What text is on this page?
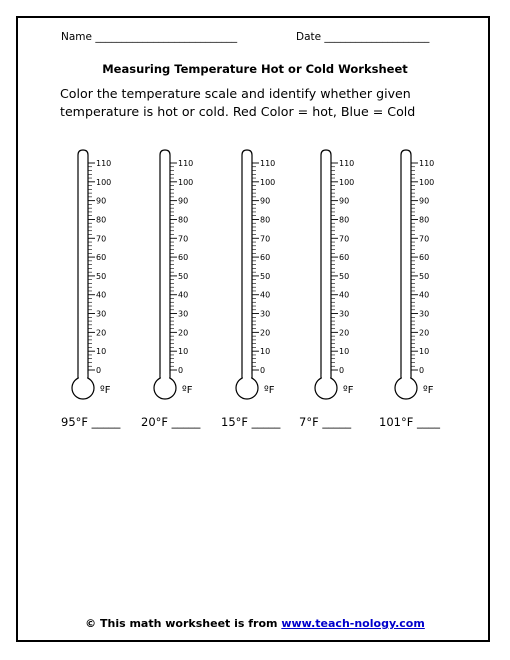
Name ___________________________	Date ____________________
Measuring Temperature Hot or Cold Worksheet
Color the temperature scale and identify whether given temperature is hot or cold. Red Color = hot, Blue = Cold
110
100
90
80
70
60
50
40
30
20
10
0
ºF
110
100
90
80
70
60
50
40
30
20
10
0
ºF
110
100
90
80
70
60
50
40
30
20
10
0
ºF
110
100
90
80
70
60
50
40
30
20
10
0
ºF
110
100
90
80
70
60
50
40
30
20
10
0
ºF
95°F _____ 20°F _____ 15°F _____ 7°F _____ 101°F ____
© This math worksheet is from www.teach-nology.com
